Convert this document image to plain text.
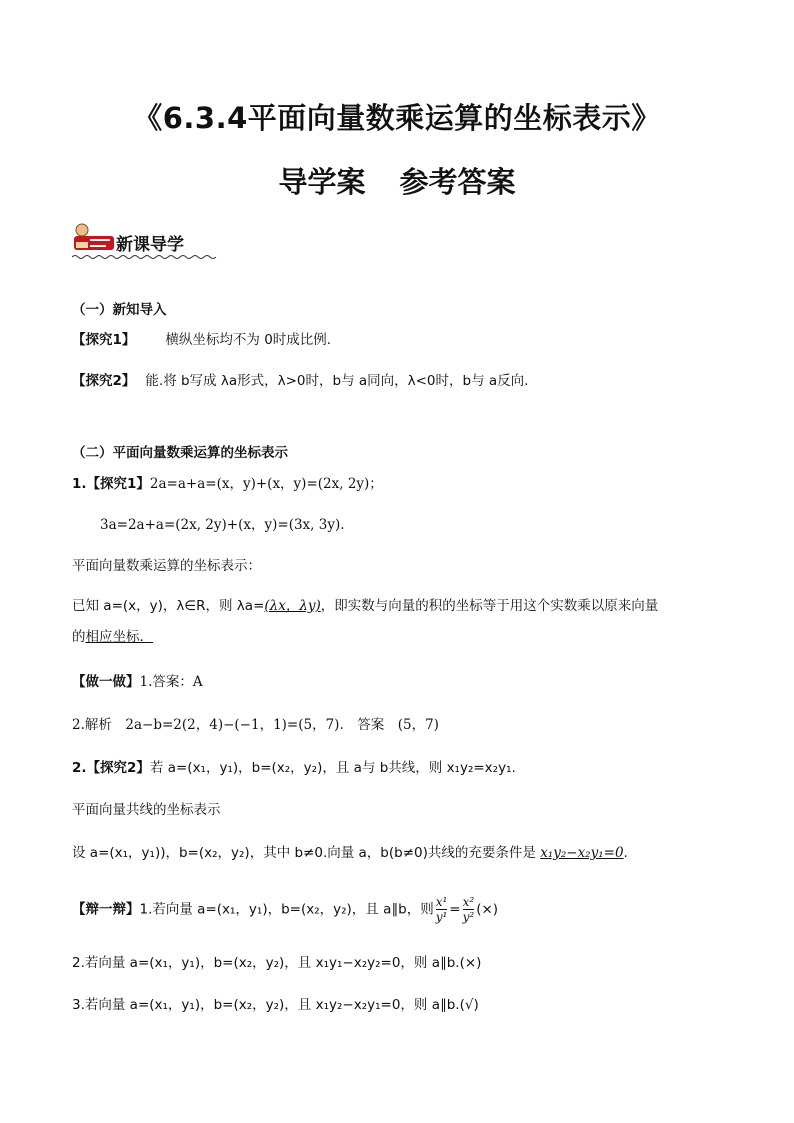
《6.3.4平面向量数乘运算的坐标表示》
导学案 参考答案
新课导学
（一）新知导入
【探究1】 横纵坐标均不为 0时成比例.
【探究2】 能.将 b写成 λa形式，λ>0时，b与 a同向，λ<0时，b与 a反向.
（二）平面向量数乘运算的坐标表示
1.【探究1】2a=a+a=(x，y)+(x，y)=(2x, 2y)；
3a=2a+a=(2x, 2y)+(x，y)=(3x, 3y).
平面向量数乘运算的坐标表示：
已知 a=(x，y)，λ∈R，则 λa=(λx，λy)，即实数与向量的积的坐标等于用这个实数乘以原来向量
的相应坐标．
【做一做】1.答案：A
2.解析　2a−b=2(2，4)−(−1，1)=(5，7).　答案　(5，7)
2.【探究2】若 a=(x₁，y₁)，b=(x₂，y₂)，且 a与 b共线，则 x₁y₂=x₂y₁.
平面向量共线的坐标表示
设 a=(x₁，y₁))，b=(x₂，y₂)，其中 b≠0.向量 a，b(b≠0)共线的充要条件是 x₁y₂−x₂y₁=0.
【辩一辩】1.若向量 a=(x₁，y₁)，b=(x₂，y₂)，且 a∥b，则 $\frac{\text{x¹}}{\text{y¹}} = \frac{\text{x²}}{\text{y²}}$ (×)
2.若向量 a=(x₁，y₁)，b=(x₂，y₂)，且 x₁y₁−x₂y₂=0，则 a∥b.(×)
3.若向量 a=(x₁，y₁)，b=(x₂，y₂)，且 x₁y₂−x₂y₁=0，则 a∥b.(√)
